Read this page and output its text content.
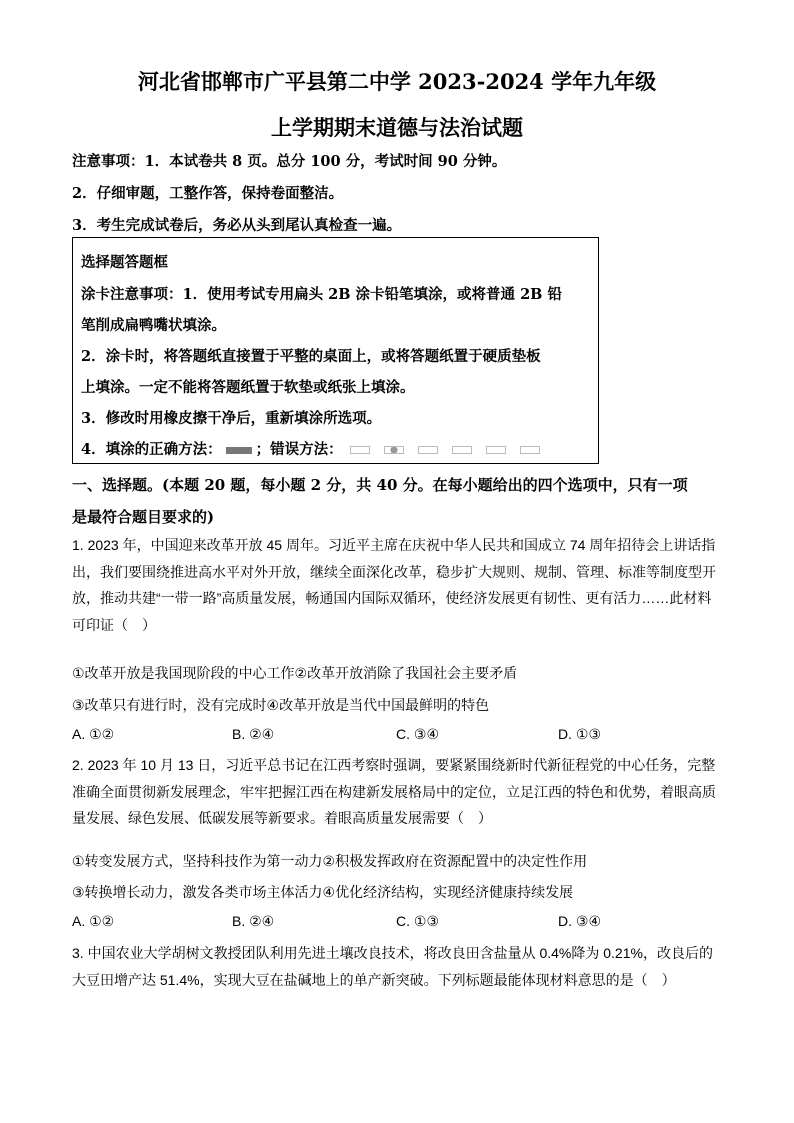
河北省邯郸市广平县第二中学 2023-2024 学年九年级
上学期期末道德与法治试题
注意事项：1．本试卷共 8 页。总分 100 分，考试时间 90 分钟。
2．仔细审题，工整作答，保持卷面整洁。
3．考生完成试卷后，务必从头到尾认真检查一遍。
选择题答题框
涂卡注意事项：1．使用考试专用扁头 2B 涂卡铅笔填涂，或将普通 2B 铅
笔削成扁鸭嘴状填涂。
2．涂卡时，将答题纸直接置于平整的桌面上，或将答题纸置于硬质垫板
上填涂。一定不能将答题纸置于软垫或纸张上填涂。
3．修改时用橡皮擦干净后，重新填涂所选项。
4．填涂的正确方法： ；错误方法：
一、选择题。(本题 20 题，每小题 2 分，共 40 分。在每小题给出的四个选项中，只有一项
是最符合题目要求的)
1. 2023 年，中国迎来改革开放 45 周年。习近平主席在庆祝中华人民共和国成立 74 周年招待会上讲话指出，我们要围绕推进高水平对外开放，继续全面深化改革，稳步扩大规则、规制、管理、标准等制度型开放，推动共建“一带一路”高质量发展，畅通国内国际双循环，使经济发展更有韧性、更有活力……此材料可印证（　）
①改革开放是我国现阶段的中心工作②改革开放消除了我国社会主要矛盾
③改革只有进行时，没有完成时④改革开放是当代中国最鲜明的特色
A. ①②	B. ②④	C. ③④	D. ①③
2. 2023 年 10 月 13 日，习近平总书记在江西考察时强调，要紧紧围绕新时代新征程党的中心任务，完整准确全面贯彻新发展理念，牢牢把握江西在构建新发展格局中的定位，立足江西的特色和优势，着眼高质量发展、绿色发展、低碳发展等新要求。着眼高质量发展需要（　）
①转变发展方式，坚持科技作为第一动力②积极发挥政府在资源配置中的决定性作用
③转换增长动力，激发各类市场主体活力④优化经济结构，实现经济健康持续发展
A. ①②	B. ②④	C. ①③	D. ③④
3. 中国农业大学胡树文教授团队利用先进土壤改良技术，将改良田含盐量从 0.4%降为 0.21%，改良后的大豆田增产达 51.4%，实现大豆在盐碱地上的单产新突破。下列标题最能体现材料意思的是（　）
